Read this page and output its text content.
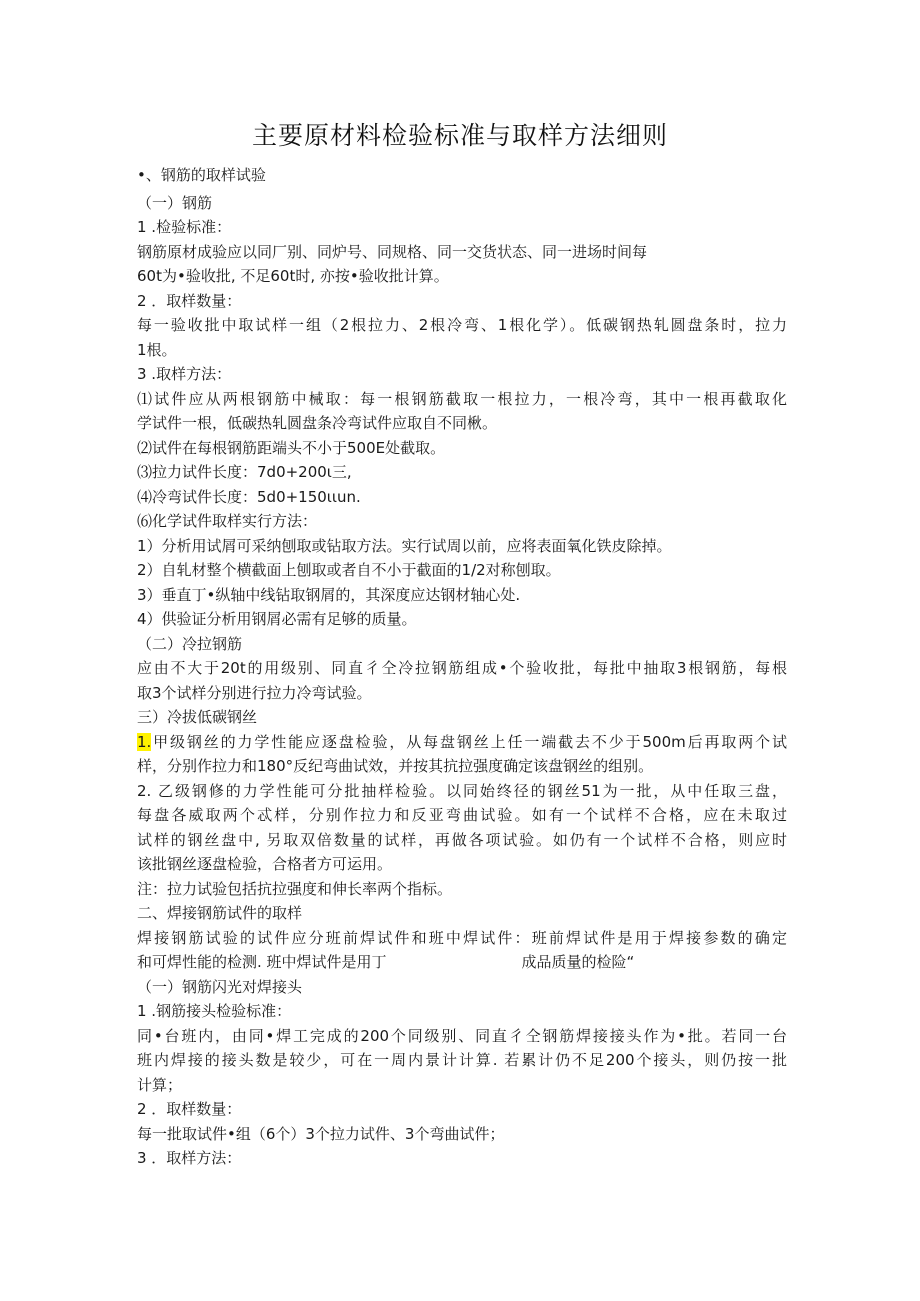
主要原材料检验标准与取样方法细则
•、钢筋的取样试验
（一）钢筋
1 .检验标准：
钢筋原材成验应以同厂别、同炉号、同规格、同一交货状态、同一进场时间每
60t为•验收批, 不足60t时, 亦按•验收批计算。
2 ．取样数量：
每一验收批中取试样一组（2根拉力、2根冷弯、1根化学）。低碳钢热轧圆盘条时，拉力
1根。
3 .取样方法：
⑴试件应从两根钢筋中械取：每一根钢筋截取一根拉力，一根冷弯，其中一根再截取化
学试件一根，低碳热轧圆盘条冷弯试件应取自不同楸。
⑵试件在每根钢筋距端头不小于500E处截取。
⑶拉力试件长度：7d0+200ι三,
⑷冷弯试件长度：5d0+150ιιun.
⑹化学试件取样实行方法：
1）分析用试屑可采纳刨取或钻取方法。实行试周以前，应将表面氧化铁皮除掉。
2）自轧材整个横截面上刨取或者自不小于截面的1/2对称刨取。
3）垂直丁•纵轴中线钻取钢屑的，其深度应达钢材轴心处.
4）供验证分析用钢屑必需有足够的质量。
（二）冷拉钢筋
应由不大于20t的用级别、同直彳仝冷拉钢筋组成•个验收批，每批中抽取3根钢筋，每根
取3个试样分别进行拉力冷弯试验。
三）冷拔低碳钢丝
1.甲级钢丝的力学性能应逐盘检验，从每盘钢丝上任一端截去不少于500m后再取两个试
样，分别作拉力和180°反纪弯曲试效，并按其抗拉强度确定该盘钢丝的组别。
2. 乙级钢修的力学性能可分批抽样检验。以同始终径的钢丝51为一批，从中任取三盘，
每盘各威取两个忒样，分别作拉力和反亚弯曲试验。如有一个试样不合格，应在未取过
试样的钢丝盘中, 另取双倍数量的试样，再做各项试验。如仍有一个试样不合格，则应时
该批钢丝逐盘检验，合格者方可运用。
注：拉力试验包括抗拉强度和伸长率两个指标。
二、焊接钢筋试件的取样
焊接钢筋试验的试件应分班前焊试件和班中焊试件：班前焊试件是用于焊接参数的确定
和可焊性能的检测. 班中焊试件是用丁	成品质量的检险“
（一）钢筋闪光对焊接头
1 .钢筋接头检验标准：
同•台班内，由同•焊工完成的200个同级别、同直彳仝钢筋焊接接头作为•批。若同一台
班内焊接的接头数是较少，可在一周内景计计算. 若累计仍不足200个接头，则仍按一批
计算；
2 ．取样数量：
每一批取试件•组（6个）3个拉力试件、3个弯曲试件；
3 ．取样方法：
